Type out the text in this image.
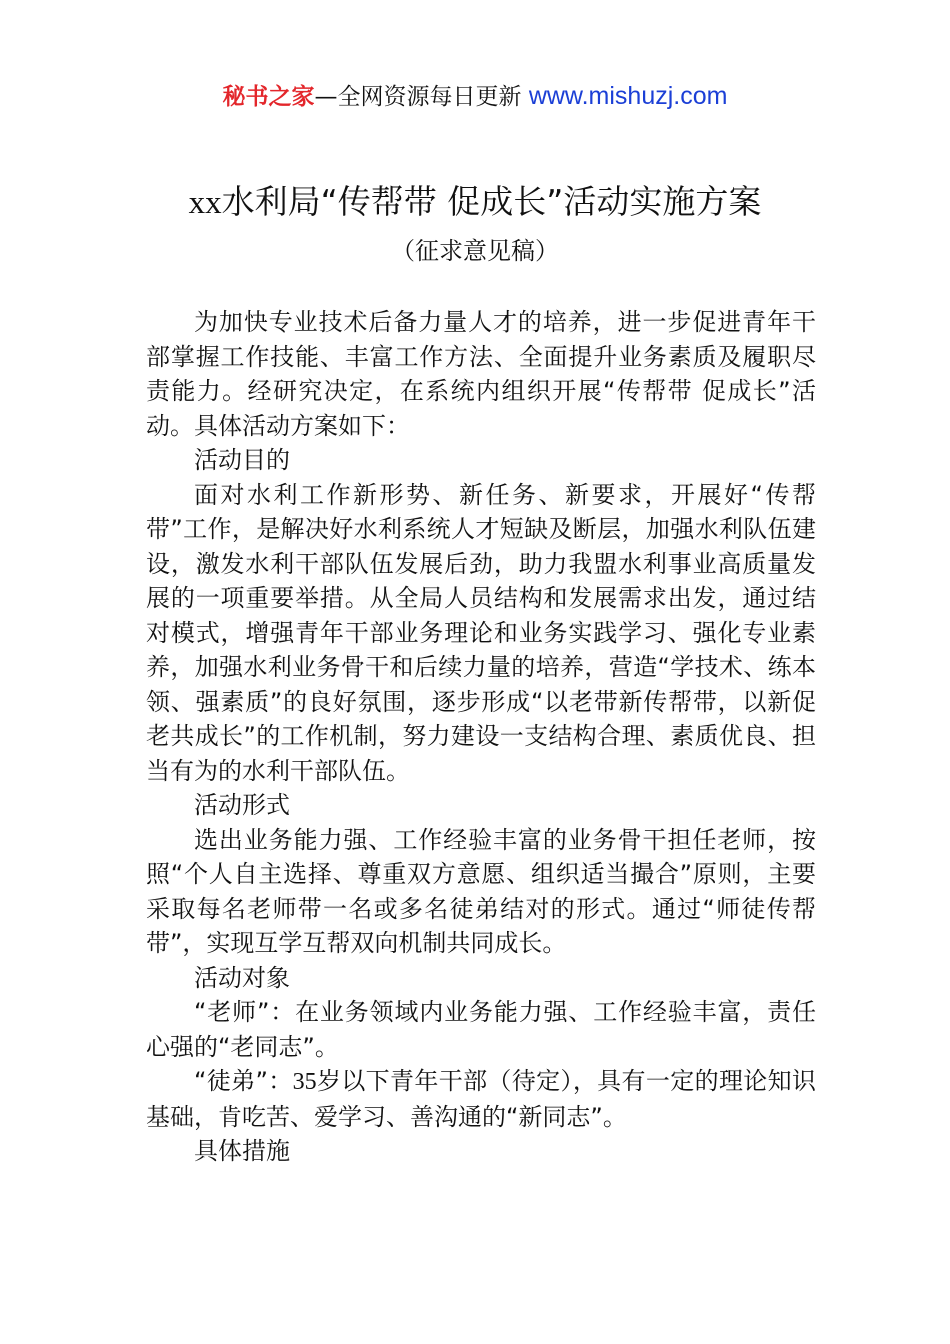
秘书之家—全网资源每日更新 www.mishuzj.com
xx水利局“传帮带 促成长”活动实施方案
（征求意见稿）

为加快专业技术后备力量人才的培养，进一步促进青年干部掌握工作技能、丰富工作方法、全面提升业务素质及履职尽责能力。经研究决定，在系统内组织开展“传帮带 促成长”活动。具体活动方案如下：

活动目的

面对水利工作新形势、新任务、新要求，开展好“传帮带”工作，是解决好水利系统人才短缺及断层，加强水利队伍建设，激发水利干部队伍发展后劲，助力我盟水利事业高质量发展的一项重要举措。从全局人员结构和发展需求出发，通过结对模式，增强青年干部业务理论和业务实践学习、强化专业素养，加强水利业务骨干和后续力量的培养，营造“学技术、练本领、强素质”的良好氛围，逐步形成“以老带新传帮带，以新促老共成长”的工作机制，努力建设一支结构合理、素质优良、担当有为的水利干部队伍。

活动形式

选出业务能力强、工作经验丰富的业务骨干担任老师，按照“个人自主选择、尊重双方意愿、组织适当撮合”原则，主要采取每名老师带一名或多名徒弟结对的形式。通过“师徒传帮带”，实现互学互帮双向机制共同成长。

活动对象

“老师”：在业务领域内业务能力强、工作经验丰富，责任心强的“老同志”。

“徒弟”：35岁以下青年干部（待定），具有一定的理论知识基础，肯吃苦、爱学习、善沟通的“新同志”。

具体措施
